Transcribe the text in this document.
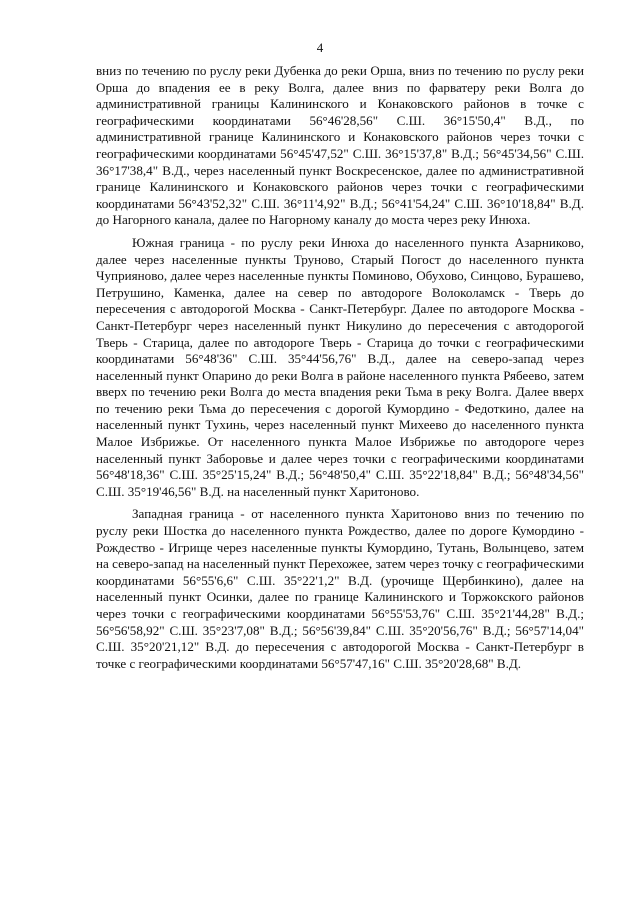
4

вниз по течению по руслу реки Дубенка до реки Орша, вниз по течению по руслу реки Орша до впадения ее в реку Волга, далее вниз по фарватеру реки Волга до административной границы Калининского и Конаковского районов в точке с географическими координатами 56°46'28,56" С.Ш. 36°15'50,4" В.Д., по административной границе Калининского и Конаковского районов через точки с географическими координатами 56°45'47,52" С.Ш. 36°15'37,8" В.Д.; 56°45'34,56" С.Ш. 36°17'38,4" В.Д., через населенный пункт Воскресенское, далее по административной границе Калининского и Конаковского районов через точки с географическими координатами 56°43'52,32" С.Ш. 36°11'4,92" В.Д.; 56°41'54,24" С.Ш. 36°10'18,84" В.Д. до Нагорного канала, далее по Нагорному каналу до моста через реку Инюха.

Южная граница - по руслу реки Инюха до населенного пункта Азарниково, далее через населенные пункты Труново, Старый Погост до населенного пункта Чуприяново, далее через населенные пункты Поминово, Обухово, Синцово, Бурашево, Петрушино, Каменка, далее на север по автодороге Волоколамск - Тверь до пересечения с автодорогой Москва - Санкт-Петербург. Далее по автодороге Москва - Санкт-Петербург через населенный пункт Никулино до пересечения с автодорогой Тверь - Старица, далее по автодороге Тверь - Старица до точки с географическими координатами 56°48'36" С.Ш. 35°44'56,76" В.Д., далее на северо-запад через населенный пункт Опарино до реки Волга в районе населенного пункта Рябеево, затем вверх по течению реки Волга до места впадения реки Тьма в реку Волга. Далее вверх по течению реки Тьма до пересечения с дорогой Кумордино - Федоткино, далее на населенный пункт Тухинь, через населенный пункт Михеево до населенного пункта Малое Избрижье. От населенного пункта Малое Избрижье по автодороге через населенный пункт Заборовье и далее через точки с географическими координатами 56°48'18,36" С.Ш. 35°25'15,24" В.Д.; 56°48'50,4" С.Ш. 35°22'18,84" В.Д.; 56°48'34,56" С.Ш. 35°19'46,56" В.Д. на населенный пункт Харитоново.

Западная граница - от населенного пункта Харитоново вниз по течению по руслу реки Шостка до населенного пункта Рождество, далее по дороге Кумордино - Рождество - Игрище через населенные пункты Кумордино, Тутань, Волынцево, затем на северо-запад на населенный пункт Перехожее, затем через точку с географическими координатами 56°55'6,6" С.Ш. 35°22'1,2" В.Д. (урочище Щербинкино), далее на населенный пункт Осинки, далее по границе Калининского и Торжокского районов через точки с географическими координатами 56°55'53,76" С.Ш. 35°21'44,28" В.Д.; 56°56'58,92" С.Ш. 35°23'7,08" В.Д.; 56°56'39,84" С.Ш. 35°20'56,76" В.Д.; 56°57'14,04" С.Ш. 35°20'21,12" В.Д. до пересечения с автодорогой Москва - Санкт-Петербург в точке с географическими координатами 56°57'47,16" С.Ш. 35°20'28,68" В.Д.
